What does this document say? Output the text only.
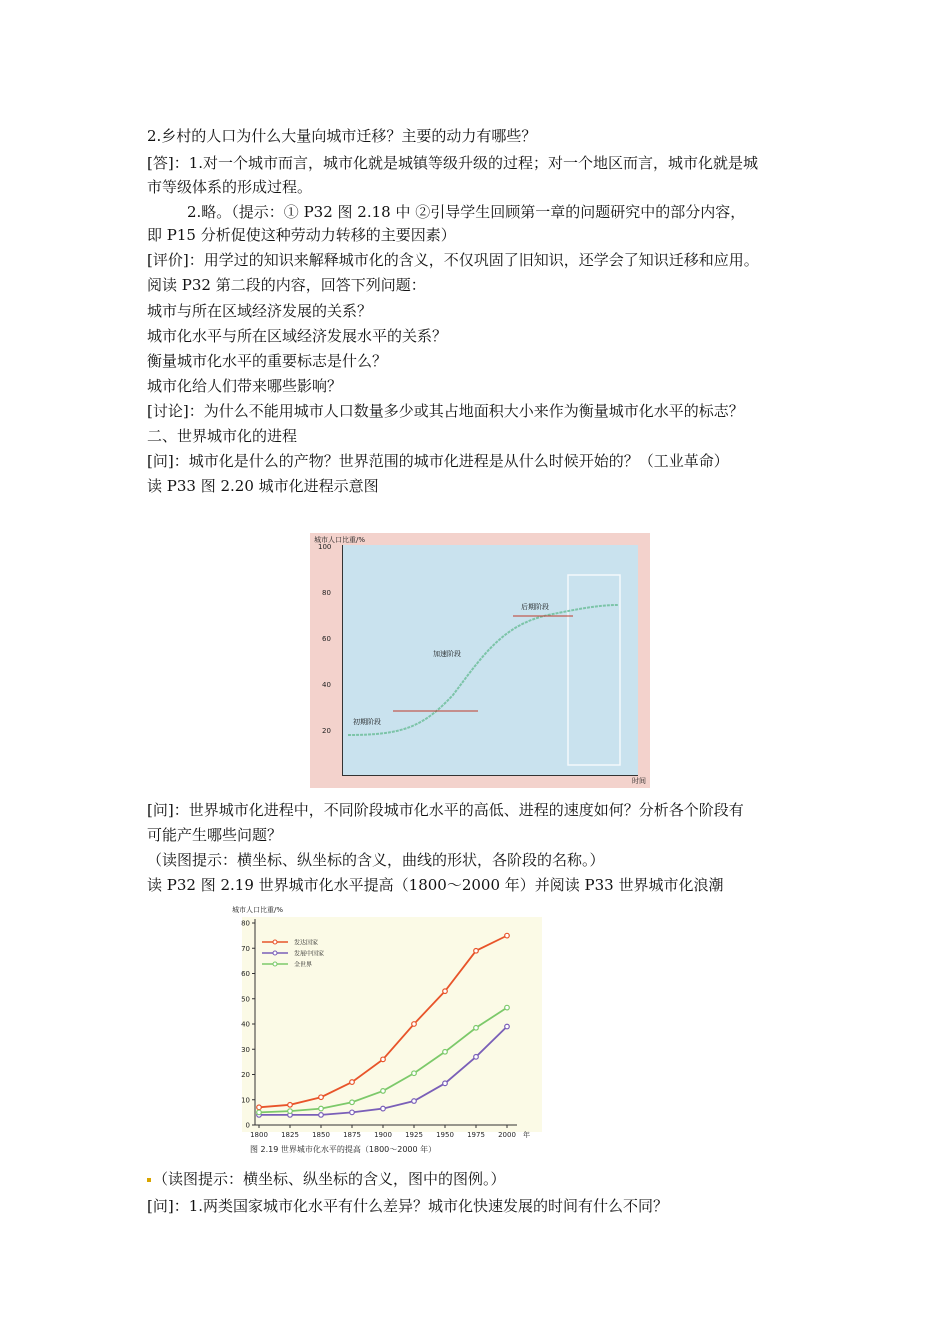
2.乡村的人口为什么大量向城市迁移？主要的动力有哪些？
[答]：1.对一个城市而言，城市化就是城镇等级升级的过程；对一个地区而言，城市化就是城
市等级体系的形成过程。
2.略。（提示：① P32 图 2.18 中 ②引导学生回顾第一章的问题研究中的部分内容，
即 P15 分析促使这种劳动力转移的主要因素）
[评价]：用学过的知识来解释城市化的含义，不仅巩固了旧知识，还学会了知识迁移和应用。
阅读 P32 第二段的内容，回答下列问题：
城市与所在区域经济发展的关系？
城市化水平与所在区域经济发展水平的关系？
衡量城市化水平的重要标志是什么？
城市化给人们带来哪些影响？
[讨论]：为什么不能用城市人口数量多少或其占地面积大小来作为衡量城市化水平的标志？
二、世界城市化的进程
[问]：城市化是什么的产物？世界范围的城市化进程是从什么时候开始的？（工业革命）
读 P33 图 2.20 城市化进程示意图
城市人口比重/%
100
80
60
40
20
后期阶段
加速阶段
初期阶段
时间
[问]：世界城市化进程中，不同阶段城市化水平的高低、进程的速度如何？分析各个阶段有
可能产生哪些问题？
（读图提示：横坐标、纵坐标的含义，曲线的形状，各阶段的名称。）
读 P32 图 2.19 世界城市化水平提高（1800～2000 年）并阅读 P33 世界城市化浪潮
城市人口比重/%
0
10
20
30
40
50
60
70
80
1800 1825 1850 1875 1900 1925 1950 1975 2000 年
发达国家
发展中国家
全世界
图 2.19 世界城市化水平的提高（1800～2000 年）
（读图提示：横坐标、纵坐标的含义，图中的图例。）
[问]：1.两类国家城市化水平有什么差异？城市化快速发展的时间有什么不同？
